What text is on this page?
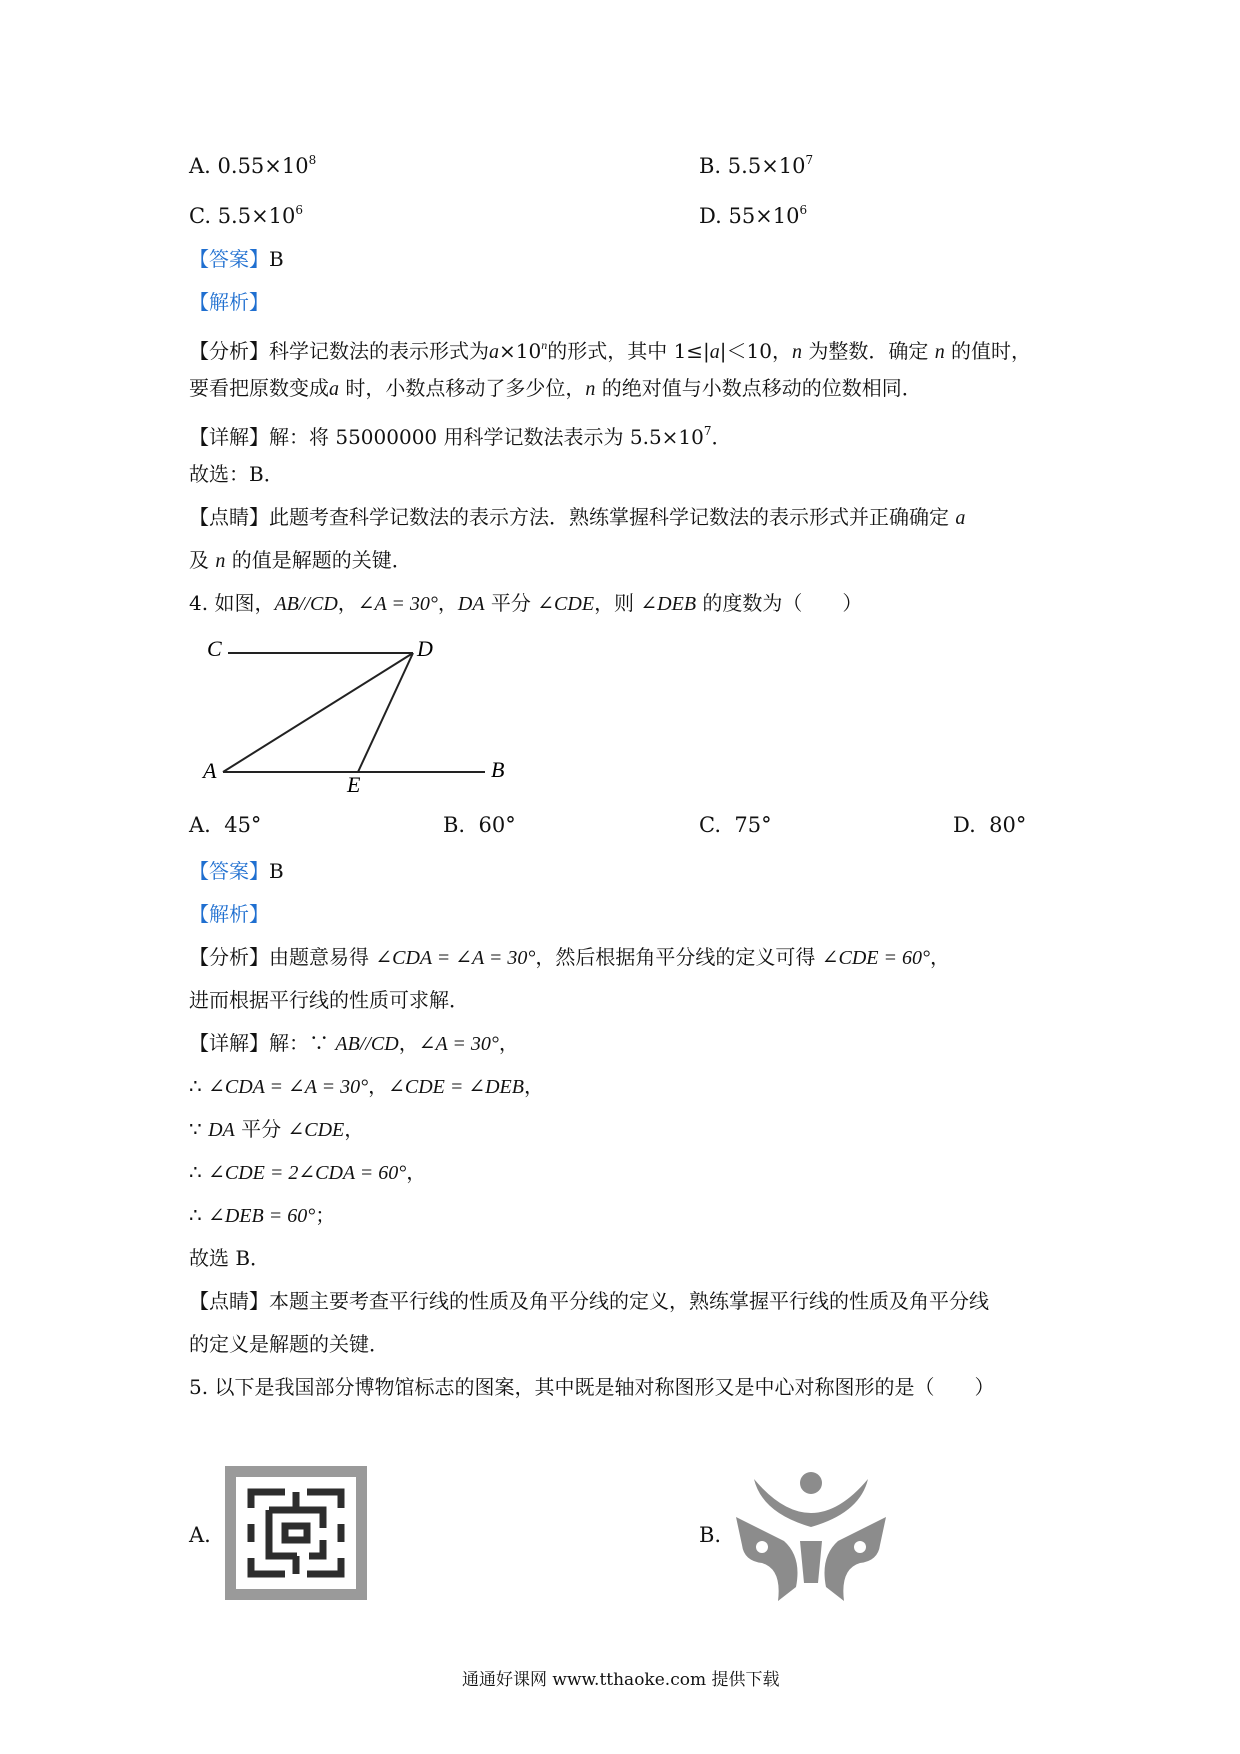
A. $0.55\times 10^8$	B. $5.5\times 10^7$
C. $5.5\times 10^6$	D. $55\times 10^6$
【答案】B
【解析】
【分析】科学记数法的表示形式为$a\times 10^n$的形式，其中 1≤|a|＜10，n 为整数．确定 n 的值时，
要看把原数变成a 时，小数点移动了多少位，n 的绝对值与小数点移动的位数相同．
【详解】解：将 55000000 用科学记数法表示为 $5.5\times 10^7$．
故选：B．
【点睛】此题考查科学记数法的表示方法．熟练掌握科学记数法的表示形式并正确确定 a
及 n 的值是解题的关键．
4. 如图，AB//CD，∠A = 30°，DA 平分 ∠CDE，则 ∠DEB 的度数为（　　）
C	D
A
E
B
A. 45°	B. 60°	C. 75°	D. 80°
【答案】B
【解析】
【分析】由题意易得 ∠CDA = ∠A = 30°，然后根据角平分线的定义可得 ∠CDE = 60°，
进而根据平行线的性质可求解．
【详解】解：∵ AB//CD，∠A = 30°，
∴ ∠CDA = ∠A = 30°，∠CDE = ∠DEB，
∵ DA 平分 ∠CDE，
∴ ∠CDE = 2∠CDA = 60°，
∴ ∠DEB = 60°；
故选 B．
【点睛】本题主要考查平行线的性质及角平分线的定义，熟练掌握平行线的性质及角平分线
的定义是解题的关键．
5. 以下是我国部分博物馆标志的图案，其中既是轴对称图形又是中心对称图形的是（　　）
A.	B.
通通好课网 www.tthaoke.com 提供下载
